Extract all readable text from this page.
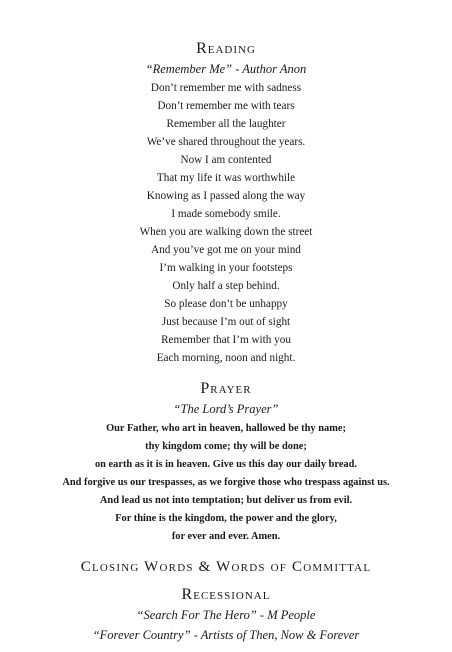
Reading
“Remember Me” - Author Anon
Don’t remember me with sadness
Don’t remember me with tears
Remember all the laughter
We’ve shared throughout the years.
Now I am contented
That my life it was worthwhile
Knowing as I passed along the way
I made somebody smile.
When you are walking down the street
And you’ve got me on your mind
I’m walking in your footsteps
Only half a step behind.
So please don’t be unhappy
Just because I’m out of sight
Remember that I’m with you
Each morning, noon and night.
Prayer
“The Lord’s Prayer”
Our Father, who art in heaven, hallowed be thy name;
thy kingdom come; thy will be done;
on earth as it is in heaven. Give us this day our daily bread.
And forgive us our trespasses, as we forgive those who trespass against us.
And lead us not into temptation; but deliver us from evil.
For thine is the kingdom, the power and the glory,
for ever and ever. Amen.
Closing Words & Words of Committal
Recessional
“Search For The Hero” - M People
“Forever Country” - Artists of Then, Now & Forever
